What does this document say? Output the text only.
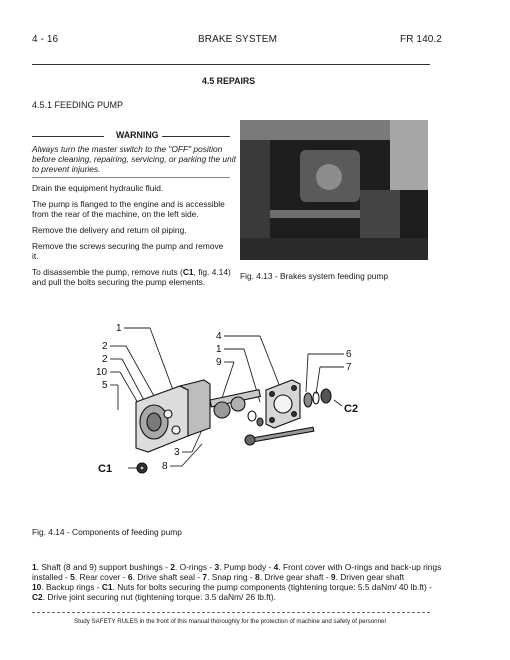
4 - 16	BRAKE SYSTEM	FR 140.2
4.5 REPAIRS
4.5.1 FEEDING PUMP
WARNING
Always turn the master switch to the "OFF" position
before cleaning, repairing, servicing, or parking the unit
to prevent injuries.
Drain the equipment hydraulic fluid.
The pump is flanged to the engine and is accessible
from the rear of the machine, on the left side.
Remove the delivery and return oil piping.
Remove the screws securing the pump and remove
it.
To disassemble the pump, remove nuts (C1, fig. 4.14)
and pull the bolts securing the pump elements.
Fig. 4.13 - Brakes system feeding pump
1
2
2
10
5
4
1
9
6
7
C2
C1
3
8
Fig. 4.14 - Components of feeding pump
1. Shaft (8 and 9) support bushings - 2. O-rings - 3. Pump body - 4. Front cover with O-rings and back-up rings
installed - 5. Rear cover - 6. Drive shaft seal - 7. Snap ring - 8. Drive gear shaft - 9. Driven gear shaft
10. Backup rings - C1. Nuts for bolts securing the pump components (tightening torque: 5.5 daNm/ 40 lb.ft) -
C2. Drive joint securing nut (tightening torque: 3.5 daNm/ 26 lb.ft).
Study SAFETY RULES in the front of this manual thoroughly for the protection of machine and safety of personnel
